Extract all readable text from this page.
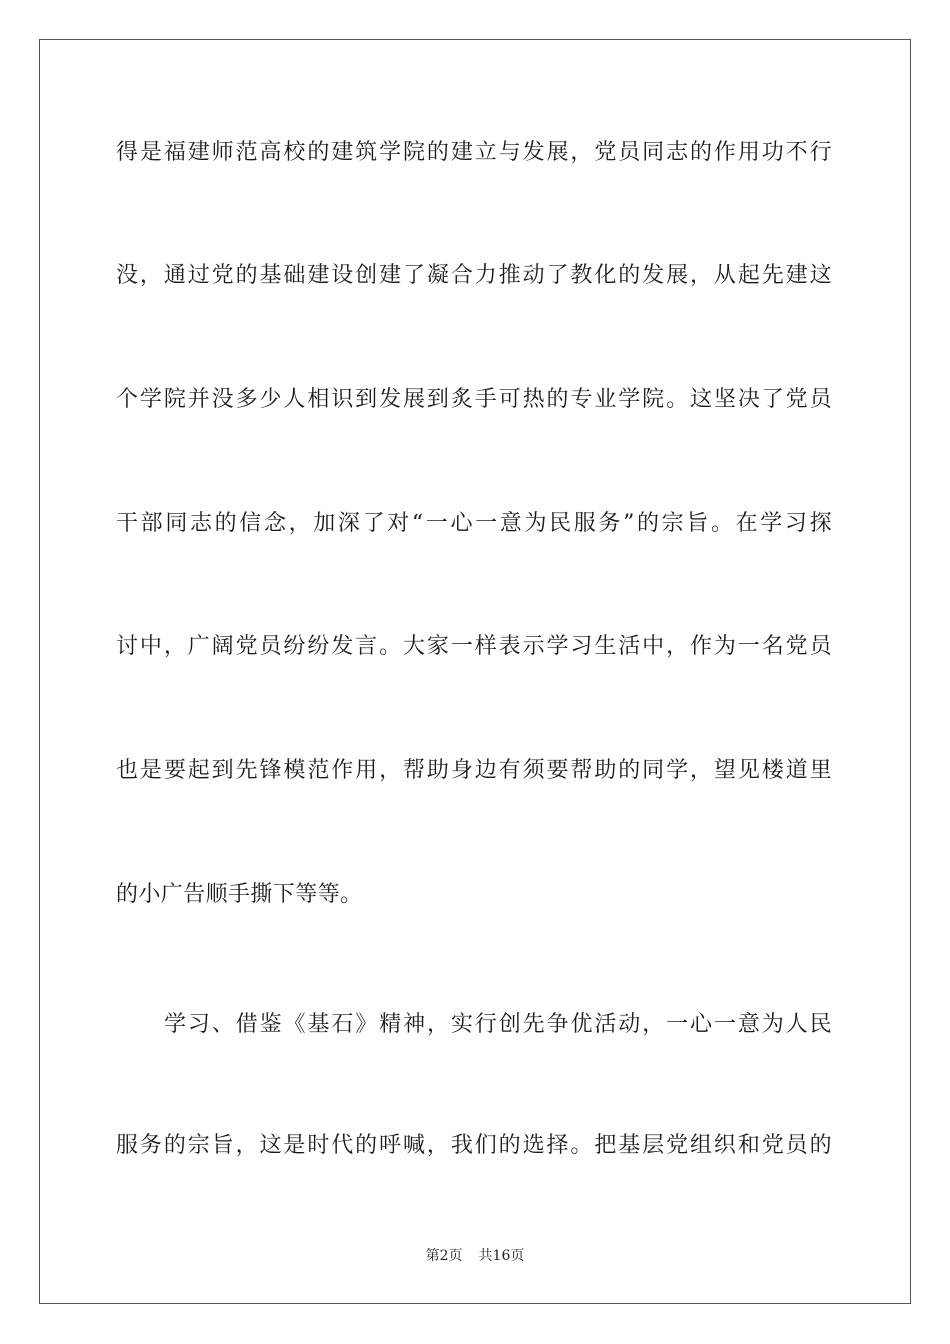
得是福建师范高校的建筑学院的建立与发展，党员同志的作用功不行
没，通过党的基础建设创建了凝合力推动了教化的发展，从起先建这
个学院并没多少人相识到发展到炙手可热的专业学院。这坚决了党员
干部同志的信念，加深了对“一心一意为民服务”的宗旨。在学习探
讨中，广阔党员纷纷发言。大家一样表示学习生活中，作为一名党员
也是要起到先锋模范作用，帮助身边有须要帮助的同学，望见楼道里
的小广告顺手撕下等等。
学习、借鉴《基石》精神，实行创先争优活动，一心一意为人民
服务的宗旨，这是时代的呼喊，我们的选择。把基层党组织和党员的
第2页 共16页
